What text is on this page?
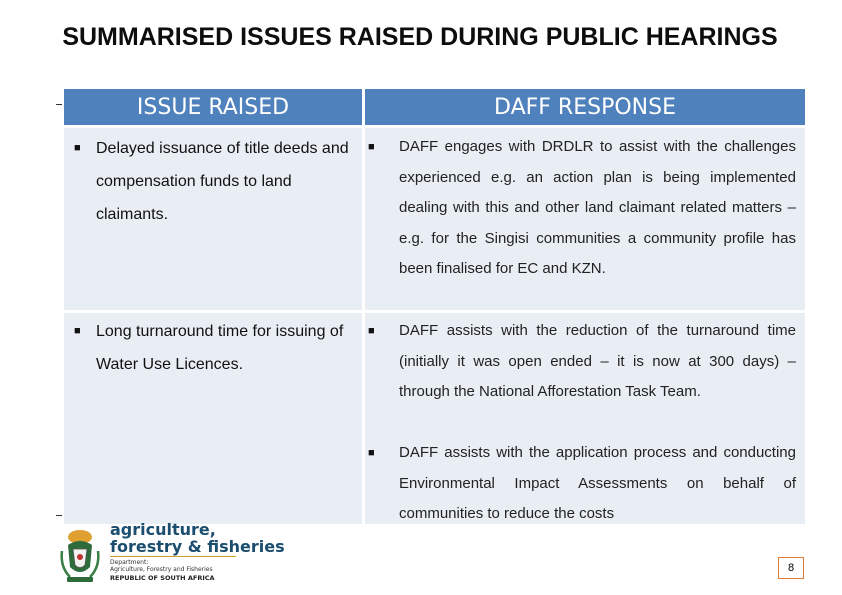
SUMMARISED ISSUES RAISED DURING PUBLIC HEARINGS
ISSUE RAISED	DAFF RESPONSE
■ Delayed issuance of title deeds and compensation funds to land claimants.
■ DAFF engages with DRDLR to assist with the challenges experienced e.g. an action plan is being implemented dealing with this and other land claimant related matters – e.g. for the Singisi communities a community profile has been finalised for EC and KZN.
■ Long turnaround time for issuing of Water Use Licences.
■ DAFF assists with the reduction of the turnaround time (initially it was open ended – it is now at 300 days) – through the National Afforestation Task Team.
■ DAFF assists with the application process and conducting Environmental Impact Assessments on behalf of communities to reduce the costs
agriculture,
forestry & fisheries
Department:
Agriculture, Forestry and Fisheries
REPUBLIC OF SOUTH AFRICA
8
